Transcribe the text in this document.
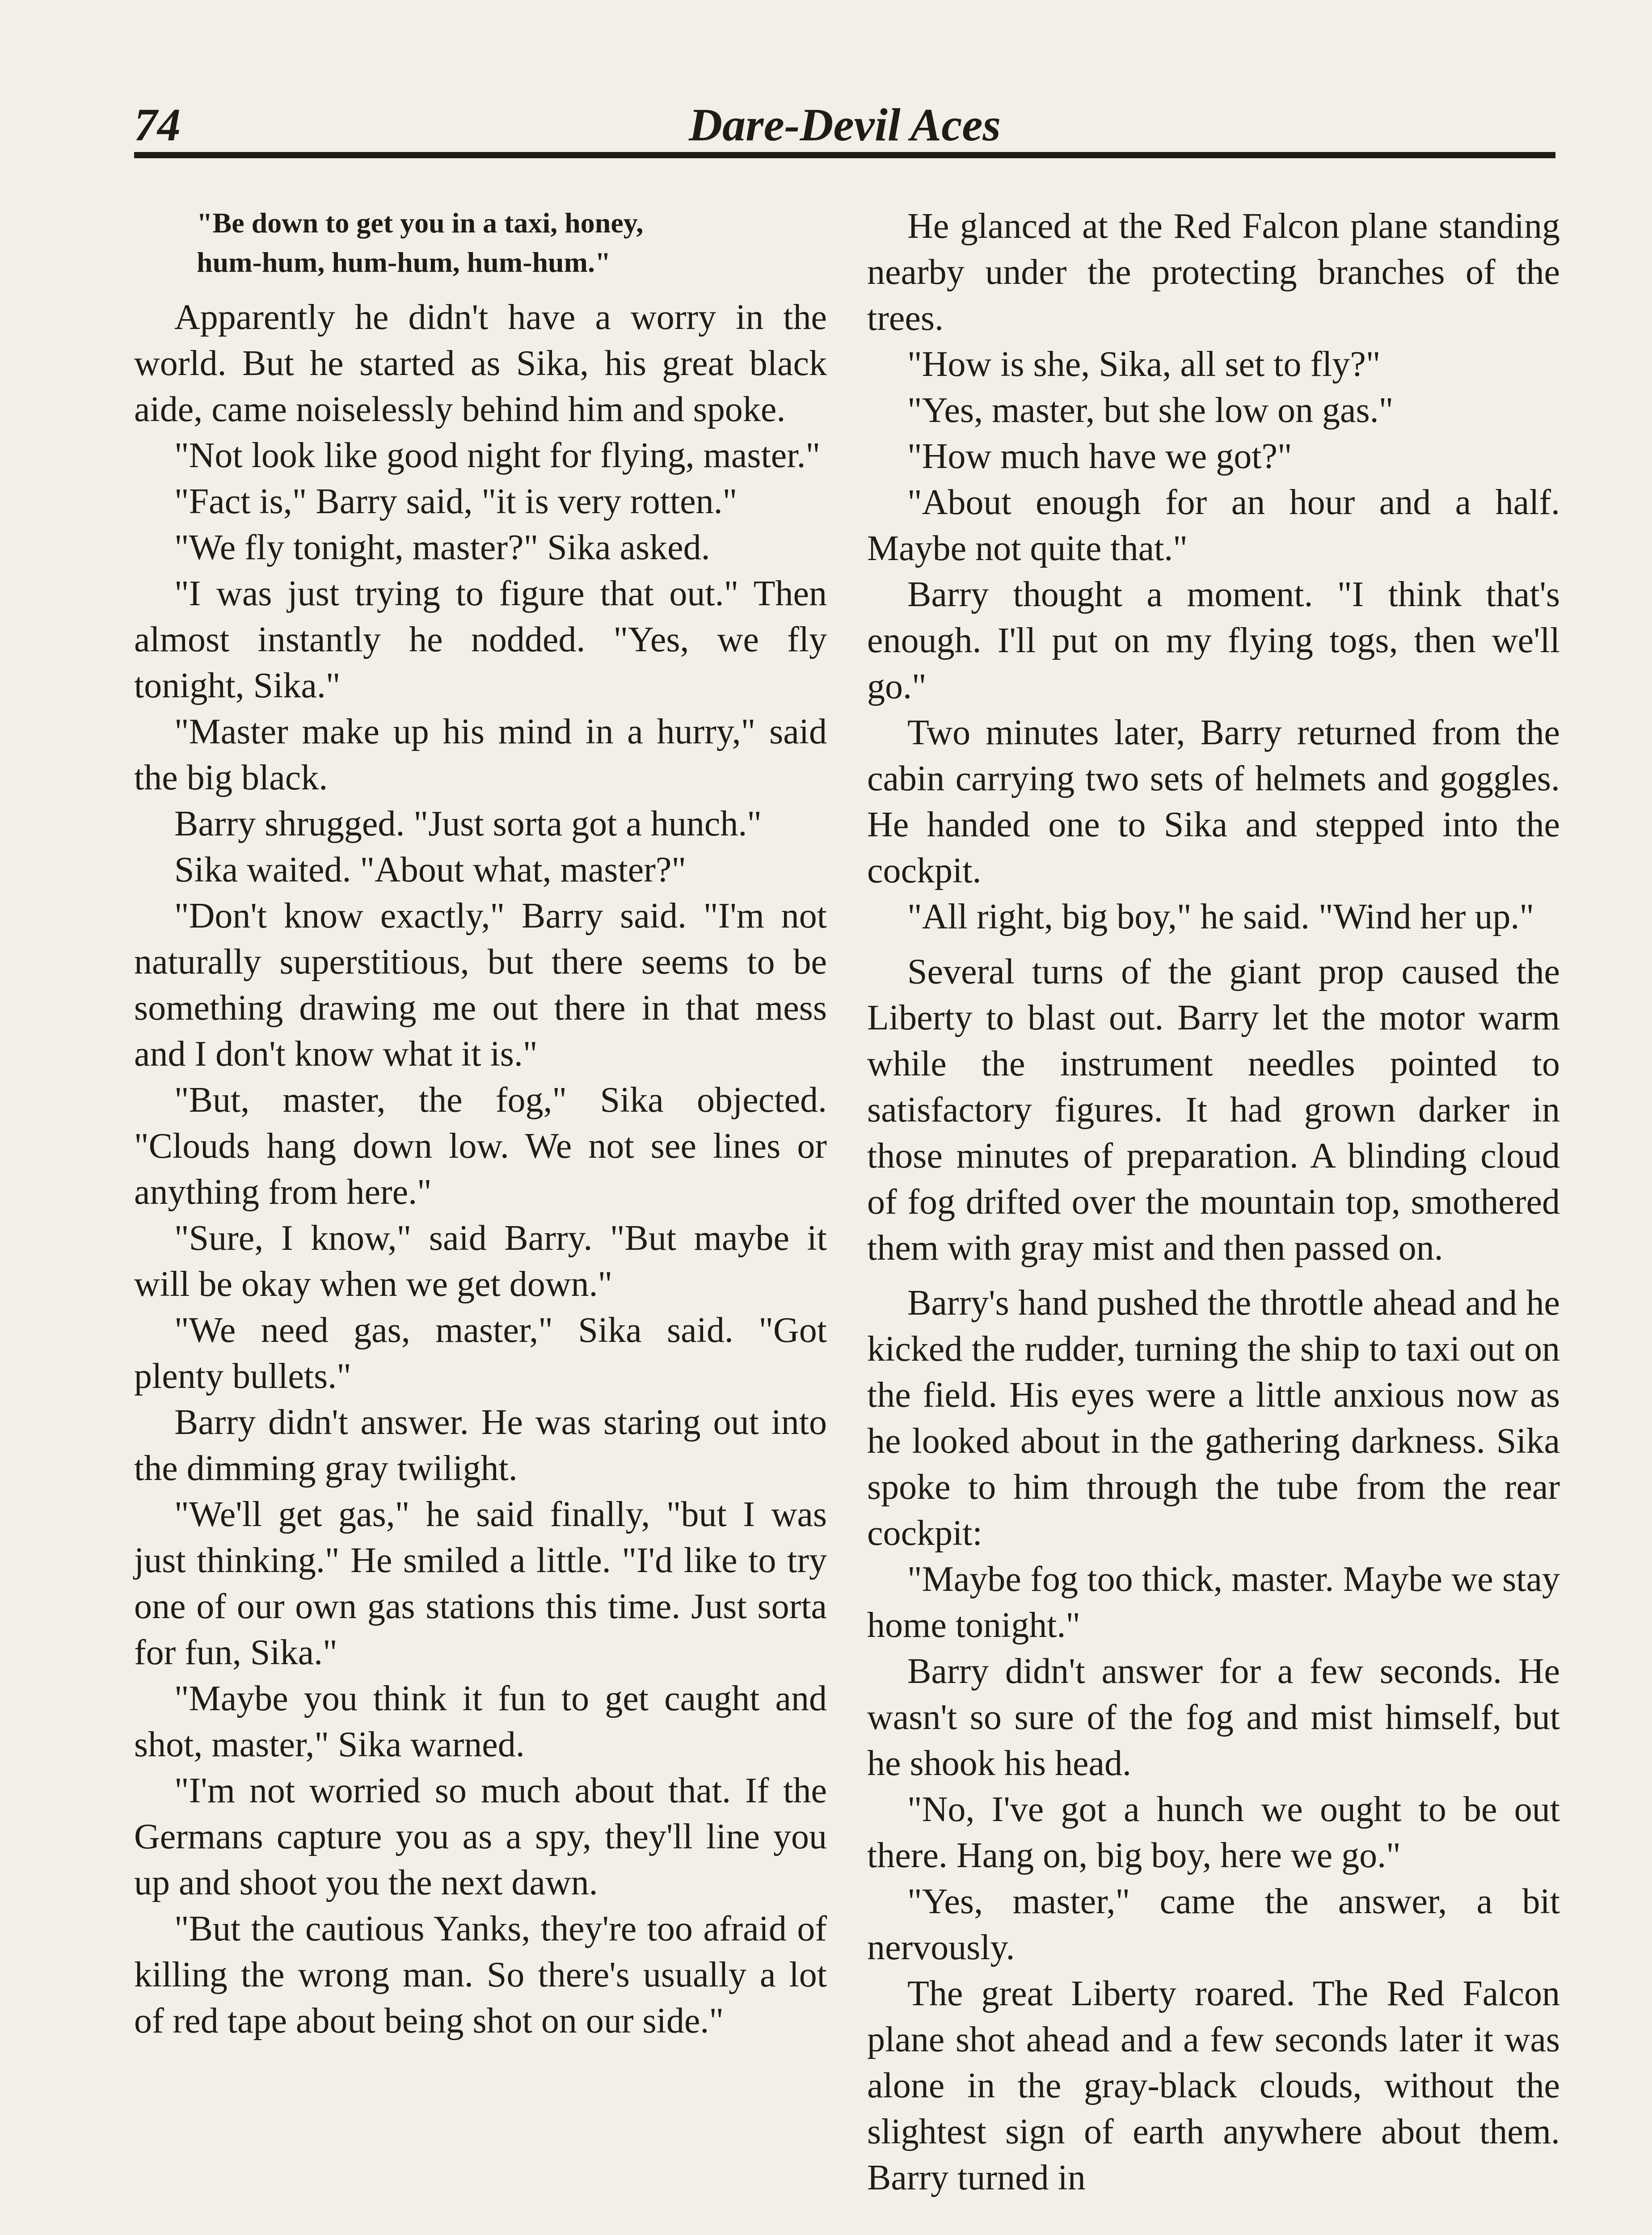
74	Dare-Devil Aces
"Be down to get you in a taxi, honey,
hum-hum, hum-hum, hum-hum."

Apparently he didn't have a worry in the world. But he started as Sika, his great black aide, came noiselessly behind him and spoke.

"Not look like good night for flying, master."

"Fact is," Barry said, "it is very rotten."

"We fly tonight, master?" Sika asked.

"I was just trying to figure that out." Then almost instantly he nodded. "Yes, we fly tonight, Sika."

"Master make up his mind in a hurry," said the big black.

Barry shrugged. "Just sorta got a hunch."

Sika waited. "About what, master?"

"Don't know exactly," Barry said. "I'm not naturally superstitious, but there seems to be something drawing me out there in that mess and I don't know what it is."

"But, master, the fog," Sika objected. "Clouds hang down low. We not see lines or anything from here."

"Sure, I know," said Barry. "But maybe it will be okay when we get down."

"We need gas, master," Sika said. "Got plenty bullets."

Barry didn't answer. He was staring out into the dimming gray twilight.

"We'll get gas," he said finally, "but I was just thinking." He smiled a little. "I'd like to try one of our own gas stations this time. Just sorta for fun, Sika."

"Maybe you think it fun to get caught and shot, master," Sika warned.

"I'm not worried so much about that. If the Germans capture you as a spy, they'll line you up and shoot you the next dawn.

"But the cautious Yanks, they're too afraid of killing the wrong man. So there's usually a lot of red tape about being shot on our side."

He glanced at the Red Falcon plane standing nearby under the protecting branches of the trees.

"How is she, Sika, all set to fly?"

"Yes, master, but she low on gas."

"How much have we got?"

"About enough for an hour and a half. Maybe not quite that."

Barry thought a moment. "I think that's enough. I'll put on my flying togs, then we'll go."

Two minutes later, Barry returned from the cabin carrying two sets of helmets and goggles. He handed one to Sika and stepped into the cockpit.

"All right, big boy," he said. "Wind her up."

Several turns of the giant prop caused the Liberty to blast out. Barry let the motor warm while the instrument needles pointed to satisfactory figures. It had grown darker in those minutes of preparation. A blinding cloud of fog drifted over the mountain top, smothered them with gray mist and then passed on.

Barry's hand pushed the throttle ahead and he kicked the rudder, turning the ship to taxi out on the field. His eyes were a little anxious now as he looked about in the gathering darkness. Sika spoke to him through the tube from the rear cockpit:

"Maybe fog too thick, master. Maybe we stay home tonight."

Barry didn't answer for a few seconds. He wasn't so sure of the fog and mist himself, but he shook his head.

"No, I've got a hunch we ought to be out there. Hang on, big boy, here we go."

"Yes, master," came the answer, a bit nervously.

The great Liberty roared. The Red Falcon plane shot ahead and a few seconds later it was alone in the gray-black clouds, without the slightest sign of earth anywhere about them. Barry turned in
